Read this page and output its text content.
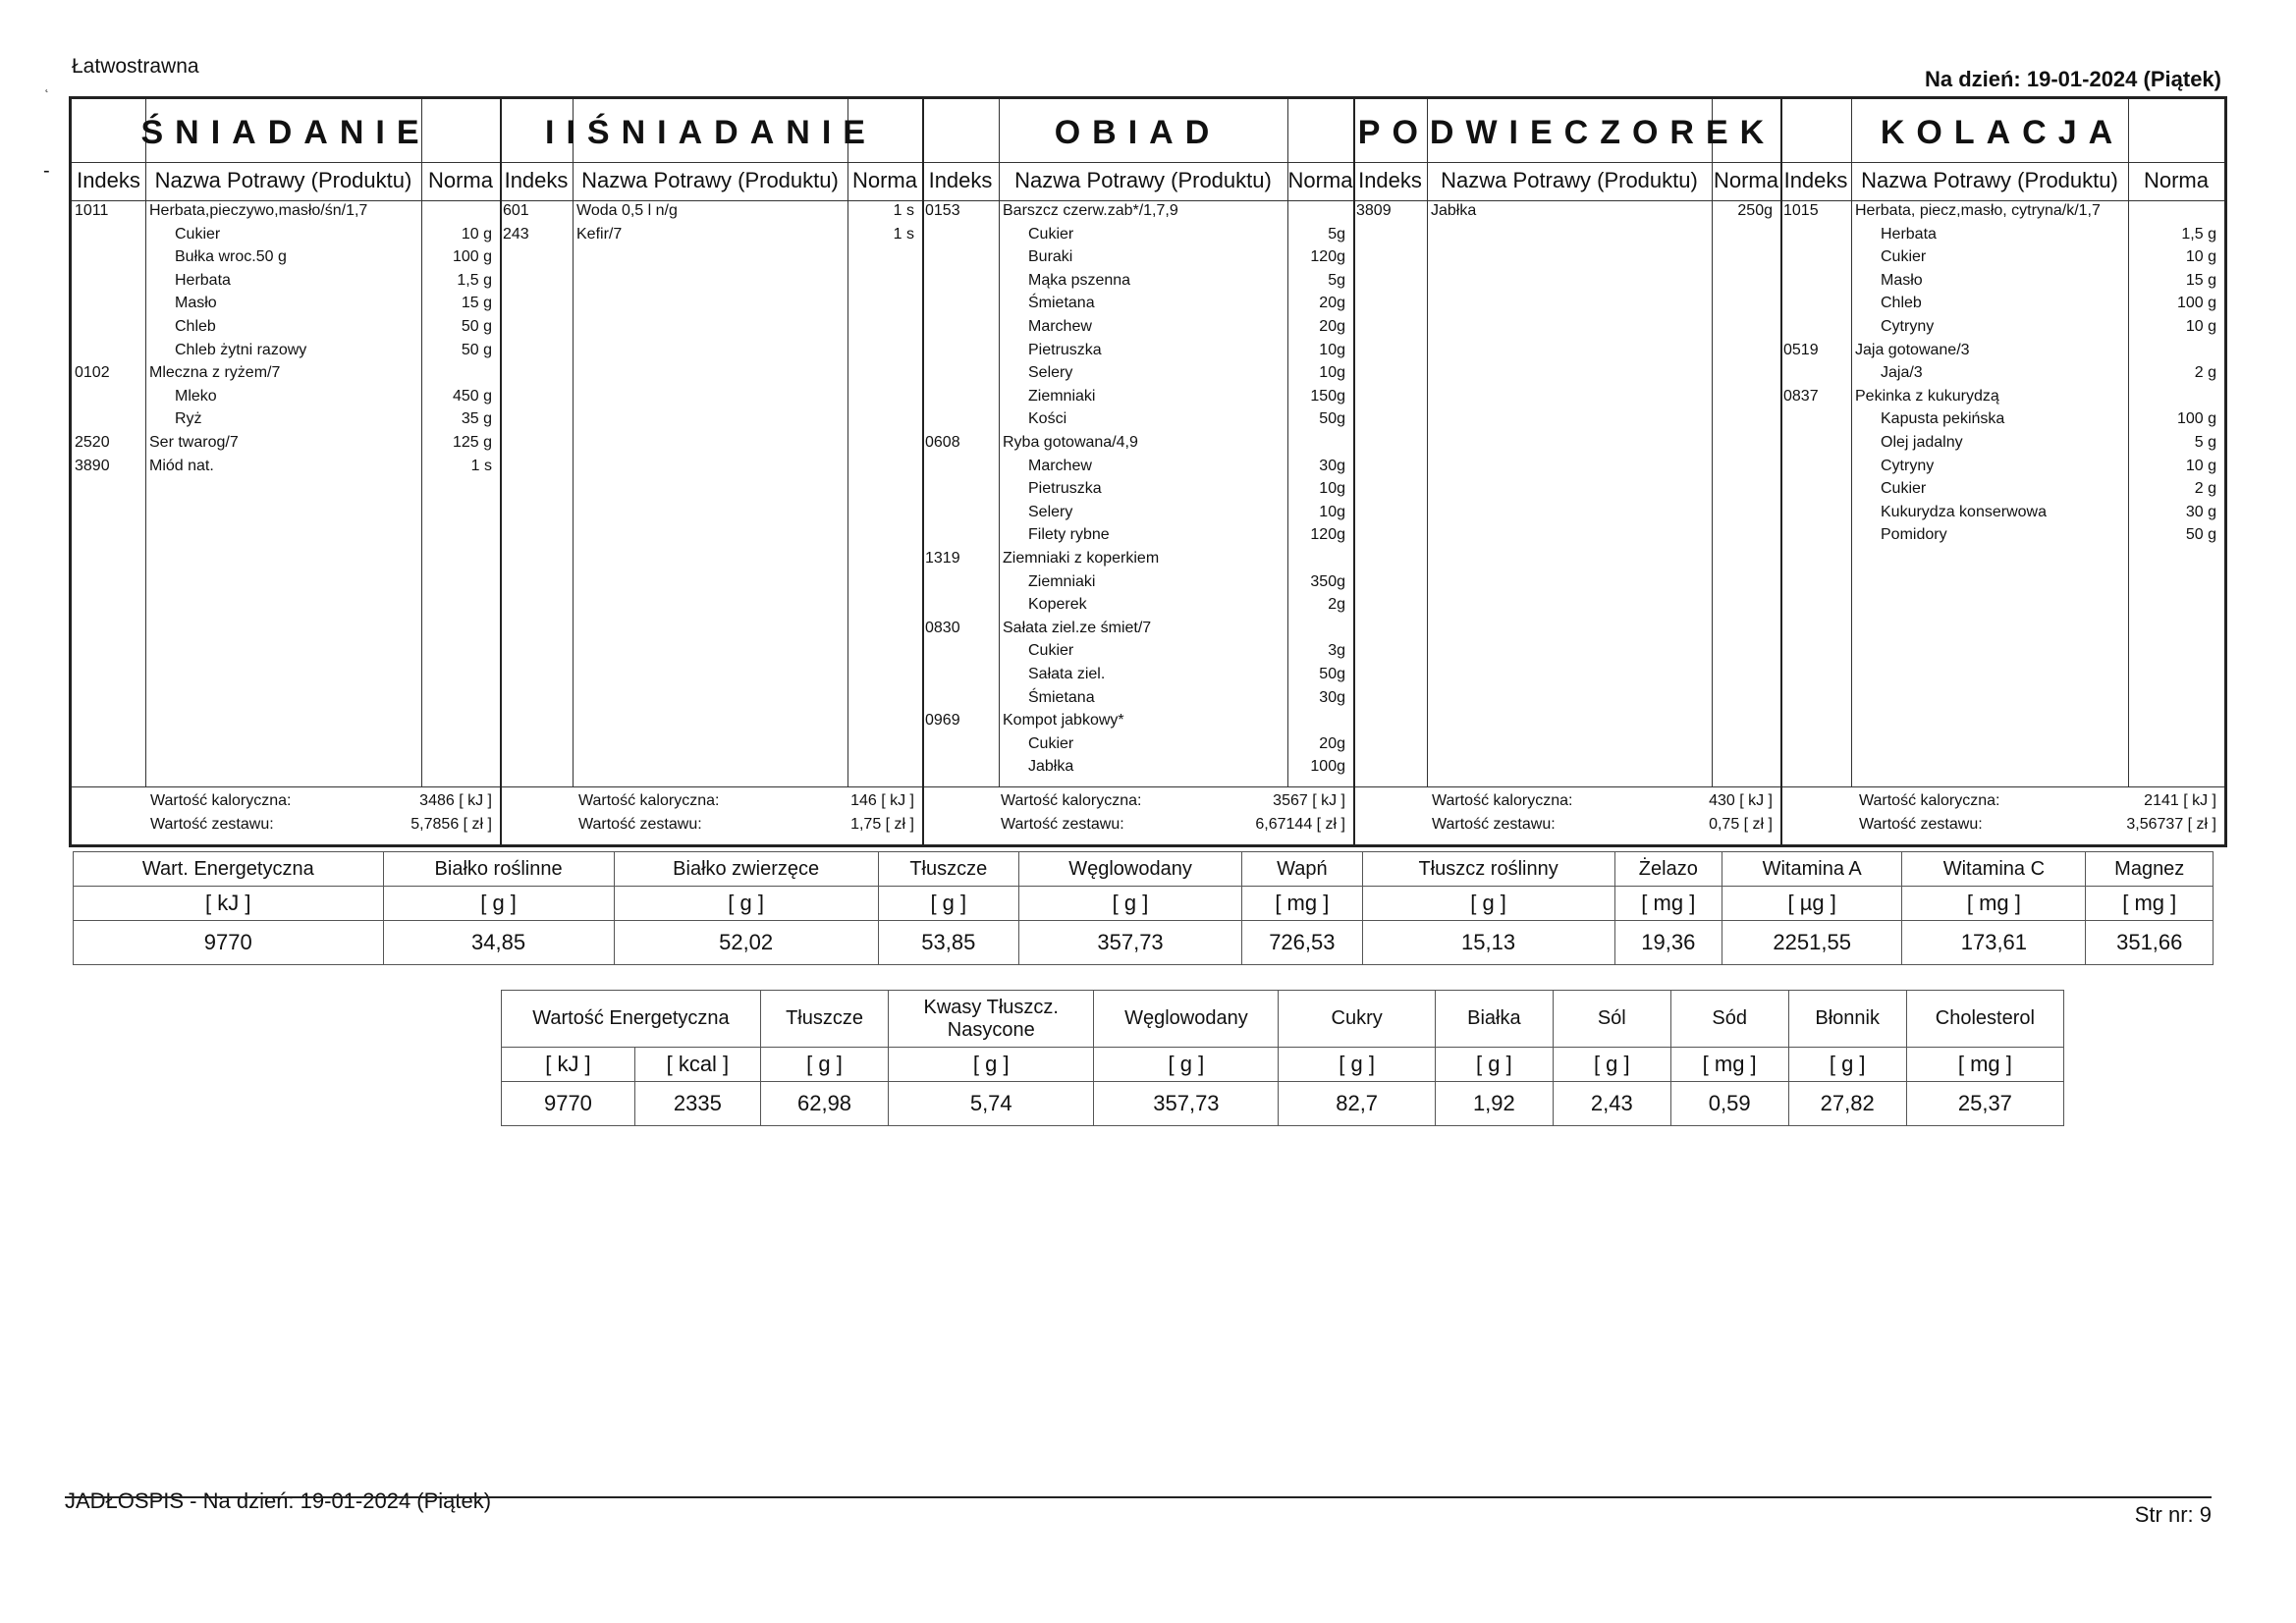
Łatwostrawna
˛
-
Na dzień: 19-01-2024 (Piątek)
ŚNIADANIE
Indeks Nazwa Potrawy (Produktu) Norma
1011	Herbata,pieczywo,masło/śn/1,7
Cukier	10 g
Bułka wroc.50 g	100 g
Herbata	1,5 g
Masło	15 g
Chleb	50 g
Chleb żytni razowy	50 g
0102	Mleczna z ryżem/7
Mleko	450 g
Ryż	35 g
2520	Ser twarog/7	125 g
3890	Miód nat.	1 s
Wartość kaloryczna:	3486 [ kJ ]
Wartość zestawu:	5,7856 [ zł ]
IIŚNIADANIE
Indeks Nazwa Potrawy (Produktu) Norma
601	Woda 0,5 l n/g	1 s
243	Kefir/7	1 s
Wartość kaloryczna:	146 [ kJ ]
Wartość zestawu:	1,75 [ zł ]
OBIAD
Indeks	Nazwa Potrawy (Produktu) Norma
0153	Barszcz czerw.zab*/1,7,9
Cukier	5g
Buraki	120g
Mąka pszenna	5g
Śmietana	20g
Marchew	20g
Pietruszka	10g
Selery	10g
Ziemniaki	150g
Kości	50g
0608	Ryba gotowana/4,9
Marchew	30g
Pietruszka	10g
Selery	10g
Filety rybne	120g
1319	Ziemniaki z koperkiem
Ziemniaki	350g
Koperek	2g
0830	Sałata ziel.ze śmiet/7
Cukier	3g
Sałata ziel.	50g
Śmietana	30g
0969	Kompot jabkowy*
Cukier	20g
Jabłka	100g
Wartość kaloryczna:	3567 [ kJ ]
Wartość zestawu:	6,67144 [ zł ]
PODWIECZOREK
Indeks Nazwa Potrawy (Produktu) Norma
3809	Jabłka	250g
Wartość kaloryczna:	430 [ kJ ]
Wartość zestawu:	0,75 [ zł ]
KOLACJA
Indeks Nazwa Potrawy (Produktu)	Norma
1015 Herbata, piecz,masło, cytryna/k/1,7
Herbata	1,5 g
Cukier	10 g
Masło	15 g
Chleb	100 g
Cytryny	10 g
0519 Jaja gotowane/3
Jaja/3	2 g
0837 Pekinka z kukurydzą
Kapusta pekińska	100 g
Olej jadalny	5 g
Cytryny	10 g
Cukier	2 g
Kukurydza konserwowa	30 g
Pomidory	50 g
Wartość kaloryczna:	2141 [ kJ ]
Wartość zestawu:	3,56737 [ zł ]
Wart. Energetyczna	Białko roślinne	Białko zwierzęce	Tłuszcze	Węglowodany	Wapń	Tłuszcz roślinny	Żelazo	Witamina A	Witamina C	Magnez
[ kJ ]	[ g ]	[ g ]	[ g ]	[ g ]	[ mg ]	[ g ]	[ mg ]	[ µg ]	[ mg ]	[ mg ]
9770	34,85	52,02	53,85	357,73	726,53	15,13	19,36	2251,55	173,61	351,66
Wartość Energetyczna		Tłuszcze	Kwasy Tłuszcz. Nasycone	Węglowodany	Cukry	Białka	Sól	Sód	Błonnik	Cholesterol
[ kJ ]	[ kcal ]	[ g ]	[ g ]	[ g ]	[ g ]	[ g ]	[ g ]	[ mg ]	[ g ]	[ mg ]
9770	2335	62,98	5,74	357,73	82,7	1,92	2,43	0,59	27,82	25,37
JADŁOSPIS - Na dzień: 19-01-2024 (Piątek)
Str nr: 9
